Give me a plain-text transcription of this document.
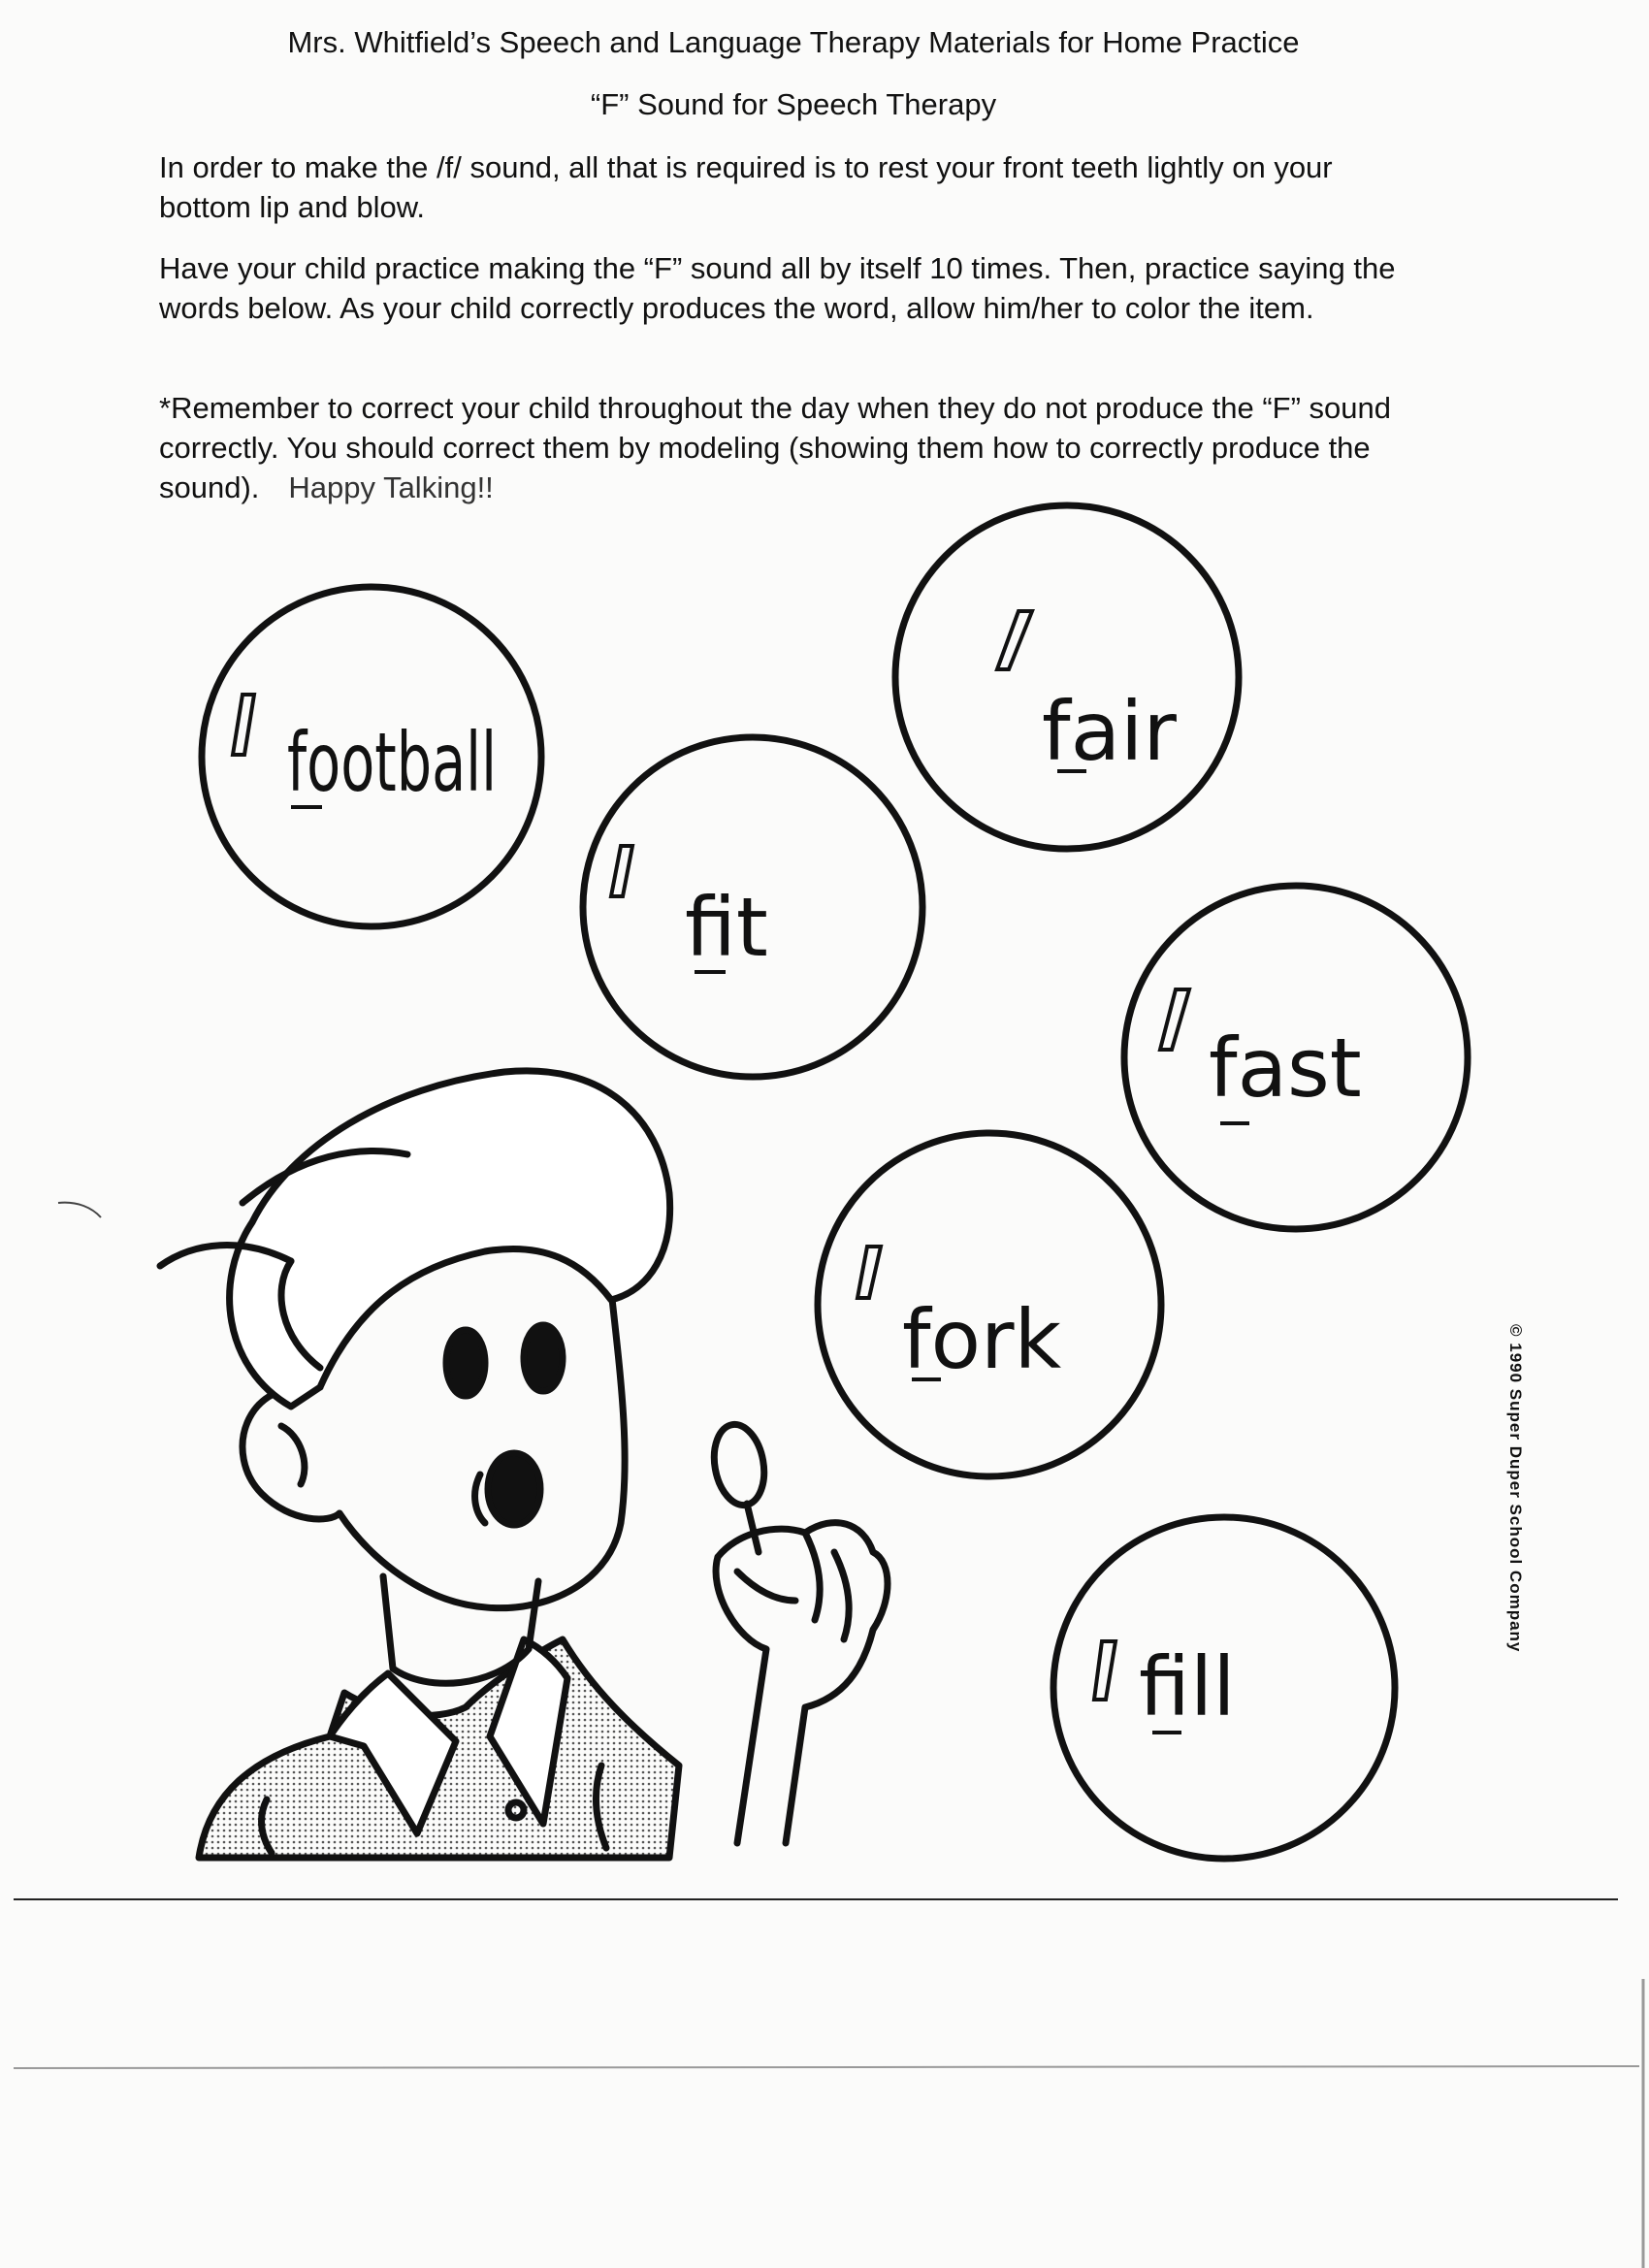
Mrs. Whitfield’s Speech and Language Therapy Materials for Home Practice
“F” Sound for Speech Therapy
In order to make the /f/ sound, all that is required is to rest your front teeth lightly on your bottom lip and blow.
Have your child practice making the “F” sound all by itself 10 times. Then, practice saying the words below. As your child correctly produces the word, allow him/her to color the item.
*Remember to correct your child throughout the day when they do not produce the “F” sound correctly. You should correct them by modeling (showing them how to correctly produce the sound). Happy Talking!!
football	fair
fit
fast
fork
fill
© 1990 Super Duper School Company
